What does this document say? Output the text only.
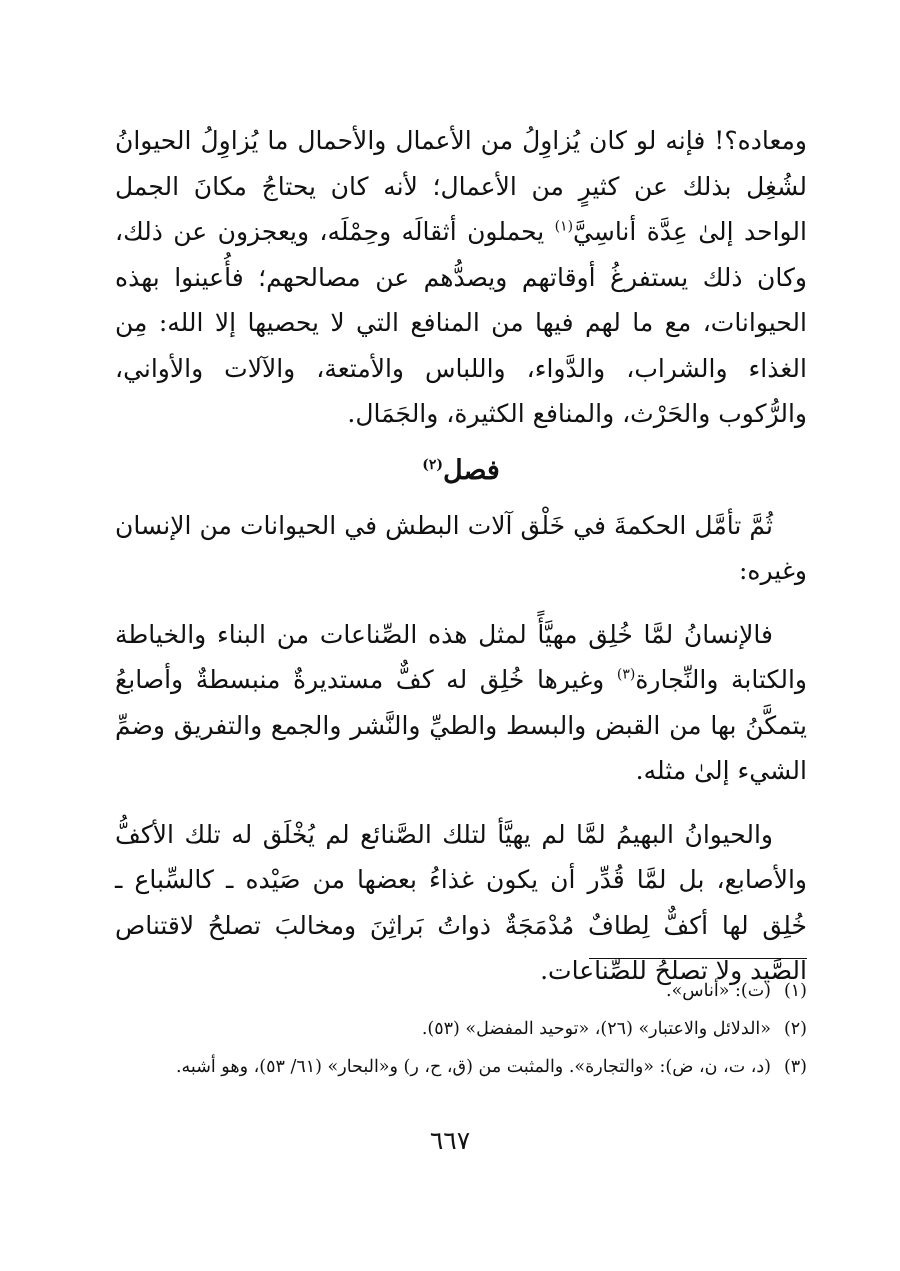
ومعاده؟! فإنه لو كان يُزاوِلُ من الأعمال والأحمال ما يُزاوِلُ الحيوانُ لشُغِل بذلك عن كثيرٍ من الأعمال؛ لأنه كان يحتاجُ مكانَ الجمل الواحد إلىٰ عِدَّة أناسِيَّ$^{(١)}$ يحملون أثقالَه وحِمْلَه، ويعجزون عن ذلك، وكان ذلك يستفرغُ أوقاتهم ويصدُّهم عن مصالحهم؛ فأُعينوا بهذه الحيوانات، مع ما لهم فيها من المنافع التي لا يحصيها إلا الله: مِن الغذاء والشراب، والدَّواء، واللباس والأمتعة، والآلات والأواني، والرُّكوب والحَرْث، والمنافع الكثيرة، والجَمَال.

فصل$^{(٢)}$

ثُمَّ تأمَّل الحكمةَ في خَلْق آلات البطش في الحيوانات من الإنسان وغيره:

فالإنسانُ لمَّا خُلِق مهيَّأً لمثل هذه الصِّناعات من البناء والخياطة والكتابة والنِّجارة$^{(٣)}$ وغيرها خُلِق له كفٌّ مستديرةٌ منبسطةٌ وأصابعُ يتمكَّنُ بها من القبض والبسط والطيِّ والنَّشر والجمع والتفريق وضمِّ الشيء إلىٰ مثله.

والحيوانُ البهيمُ لمَّا لم يهيَّأ لتلك الصَّنائع لم يُخْلَق له تلك الأكفُّ والأصابع، بل لمَّا قُدِّر أن يكون غذاءُ بعضها من صَيْده ـ كالسِّباع ـ خُلِق لها أكفٌّ لِطافٌ مُدْمَجَةٌ ذواتُ بَراثِنَ ومخالبَ تصلحُ لاقتناص الصَّيد ولا تصلحُ للصِّناعات.

(١)
(ت): «أناس».
(٢)
«الدلائل والاعتبار» (٢٦)، «توحيد المفضل» (٥٣).
(٣)
(د، ت، ن، ض): «والتجارة». والمثبت من (ق، ح، ر) و«البحار» (٦١/ ٥٣)، وهو أشبه.
٦٦٧
